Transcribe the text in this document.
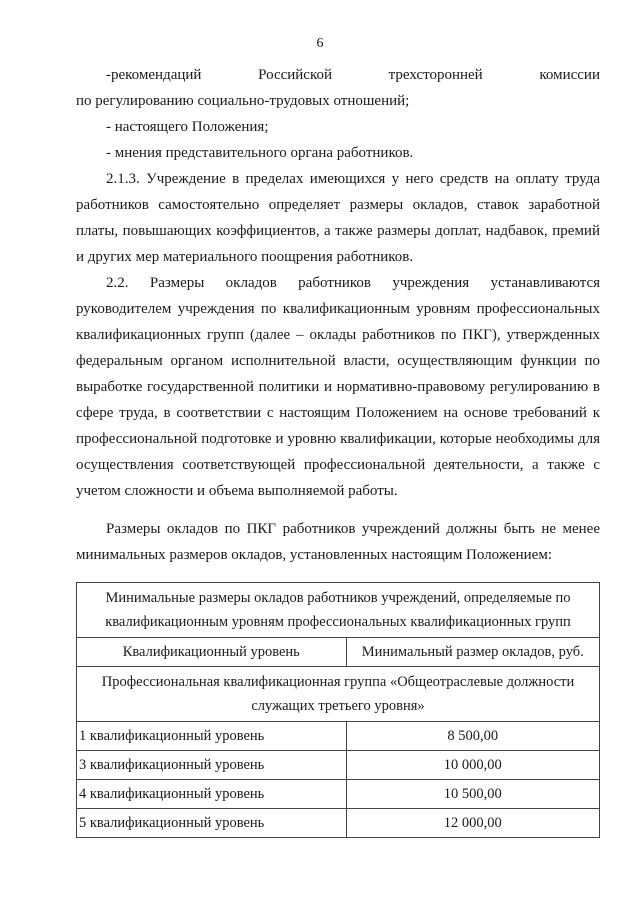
6

-рекомендаций Российской трехсторонней комиссии

по регулированию социально-трудовых отношений;

- настоящего Положения;

- мнения представительного органа работников.

2.1.3. Учреждение в пределах имеющихся у него средств на оплату труда работников самостоятельно определяет размеры окладов, ставок заработной платы, повышающих коэффициентов, а также размеры доплат, надбавок, премий и других мер материального поощрения работников.

2.2. Размеры окладов работников учреждения устанавливаются руководителем учреждения по квалификационным уровням профессиональных квалификационных групп (далее – оклады работников по ПКГ), утвержденных федеральным органом исполнительной власти, осуществляющим функции по выработке государственной политики и нормативно-правовому регулированию в сфере труда, в соответствии с настоящим Положением на основе требований к профессиональной подготовке и уровню квалификации, которые необходимы для осуществления соответствующей профессиональной деятельности, а также с учетом сложности и объема выполняемой работы.

Размеры окладов по ПКГ работников учреждений должны быть не менее минимальных размеров окладов, установленных настоящим Положением:

Минимальные размеры окладов работников учреждений, определяемые по квалификационным уровням профессиональных квалификационных групп	
Квалификационный уровень	Минимальный размер окладов, руб.
Профессиональная квалификационная группа «Общеотраслевые должности служащих третьего уровня»	
1 квалификационный уровень	8 500,00
3 квалификационный уровень	10 000,00
4 квалификационный уровень	10 500,00
5 квалификационный уровень	12 000,00
